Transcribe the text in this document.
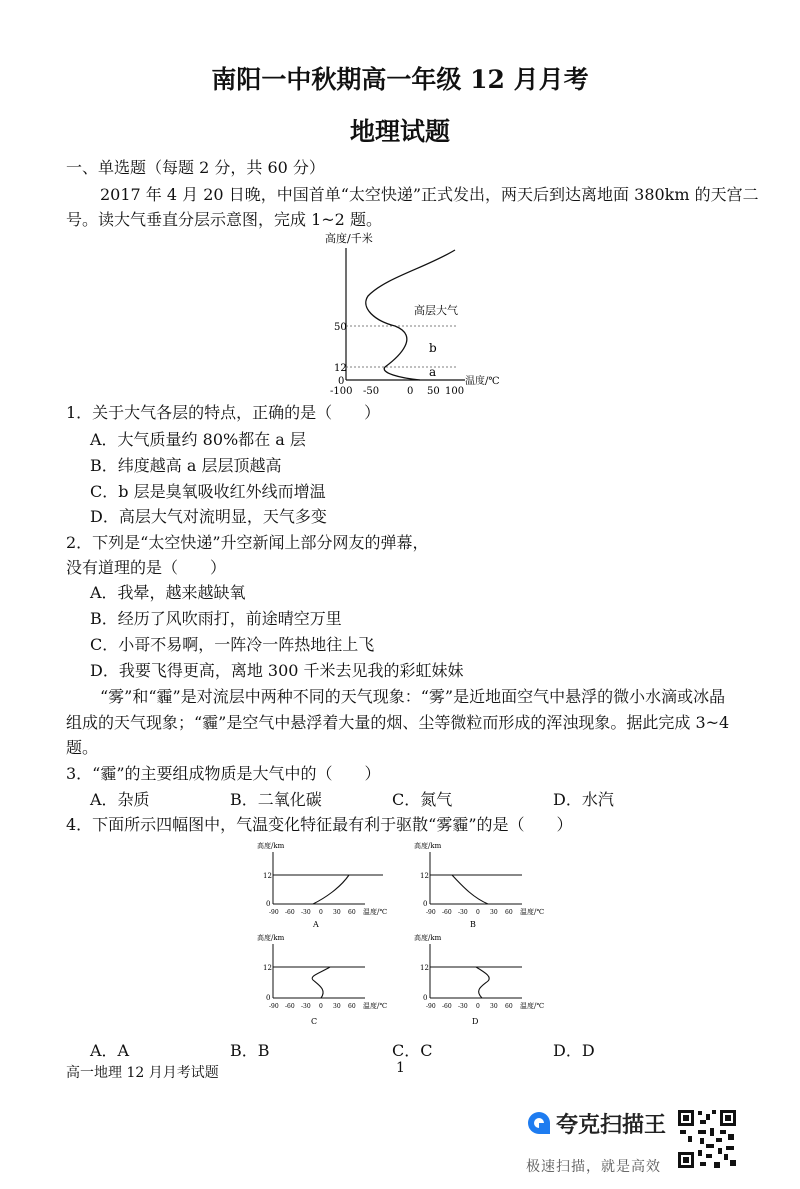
南阳一中秋期高一年级 12 月月考
地理试题
一、单选题（每题 2 分，共 60 分）
2017 年 4 月 20 日晚，中国首单“太空快递”正式发出，两天后到达离地面 380km 的天宫二
号。读大气垂直分层示意图，完成 1~2 题。
高度/千米
50
12
0
高层大气
b
a
温度/℃
-100 -50	0 50 100
1．关于大气各层的特点，正确的是（　　）
A．大气质量约 80%都在 a 层
B．纬度越高 a 层层顶越高
C．b 层是臭氧吸收红外线而增温
D．高层大气对流明显，天气多变
2．下列是“太空快递”升空新闻上部分网友的弹幕，
没有道理的是（　　）
A．我晕，越来越缺氧
B．经历了风吹雨打，前途晴空万里
C．小哥不易啊，一阵冷一阵热地往上飞
D．我要飞得更高，离地 300 千米去见我的彩虹妹妹
“雾”和“霾”是对流层中两种不同的天气现象：“雾”是近地面空气中悬浮的微小水滴或冰晶
组成的天气现象；“霾”是空气中悬浮着大量的烟、尘等微粒而形成的浑浊现象。据此完成 3~4
题。
3．“霾”的主要组成物质是大气中的（　　）
A．杂质	B．二氧化碳	C．氮气	D．水汽
4．下面所示四幅图中，气温变化特征最有利于驱散“雾霾”的是（　　）
高度/km
12
0
-90 -60 -30 0 30 60 温度/℃
A
高度/km
12
0
-90 -60 -30 0 30 60 温度/℃
B
高度/km
12
0
-90 -60 -30 0 30 60 温度/℃
C
高度/km
12
0
-90 -60 -30 0 30 60 温度/℃
D
A．A	B．B	C．C	D．D
高一地理 12 月月考试题	1
夸克扫描王
极速扫描，就是高效
